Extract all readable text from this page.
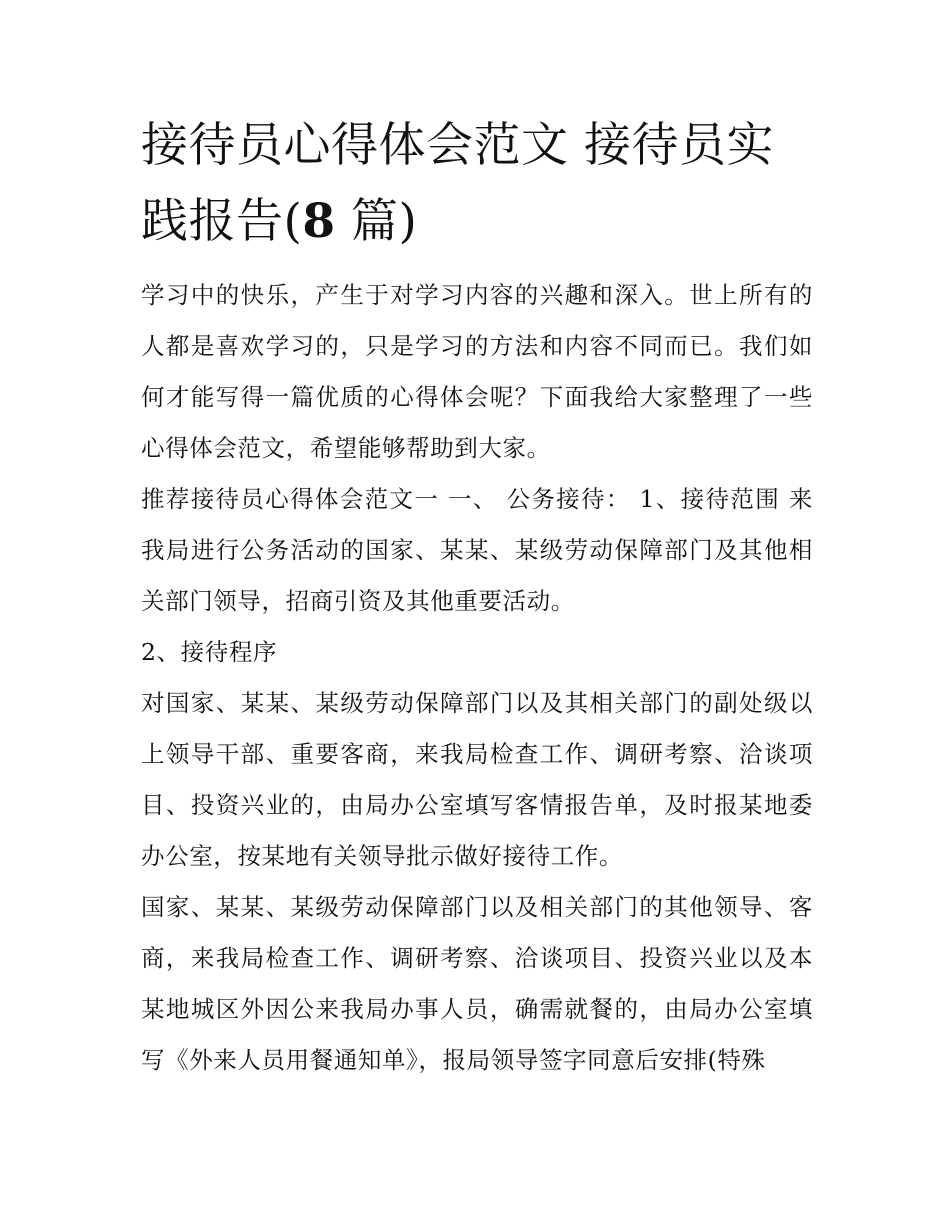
接待员心得体会范文 接待员实践报告(8 篇)

学习中的快乐，产生于对学习内容的兴趣和深入。世上所有的人都是喜欢学习的，只是学习的方法和内容不同而已。我们如何才能写得一篇优质的心得体会呢？下面我给大家整理了一些心得体会范文，希望能够帮助到大家。

推荐接待员心得体会范文一 一、 公务接待： 1、接待范围 来我局进行公务活动的国家、某某、某级劳动保障部门及其他相关部门领导，招商引资及其他重要活动。

2、接待程序

对国家、某某、某级劳动保障部门以及其相关部门的副处级以上领导干部、重要客商，来我局检查工作、调研考察、洽谈项目、投资兴业的，由局办公室填写客情报告单，及时报某地委办公室，按某地有关领导批示做好接待工作。

国家、某某、某级劳动保障部门以及相关部门的其他领导、客商，来我局检查工作、调研考察、洽谈项目、投资兴业以及本某地城区外因公来我局办事人员，确需就餐的，由局办公室填写《外来人员用餐通知单》，报局领导签字同意后安排(特殊
